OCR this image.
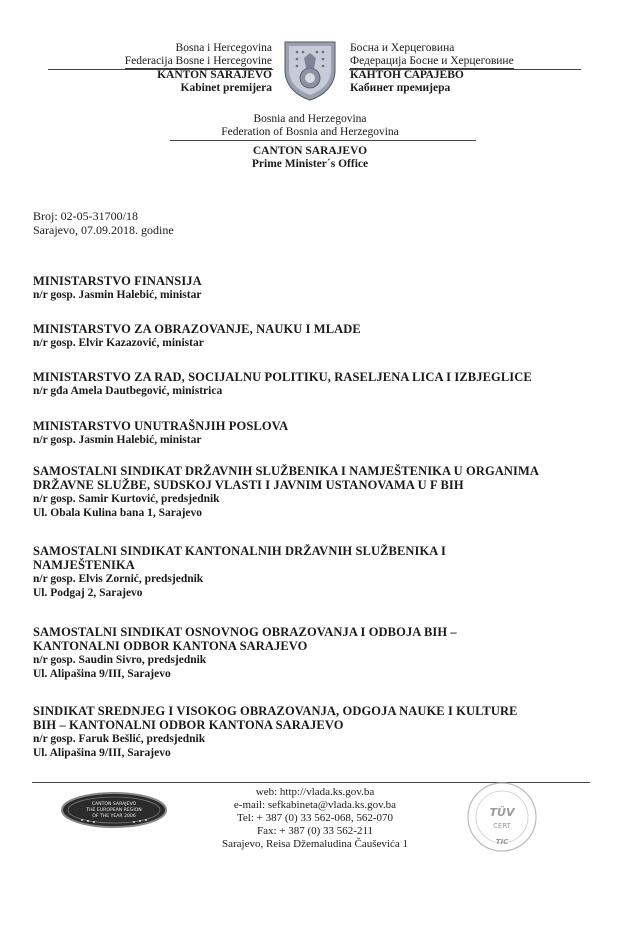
Bosna i Hercegovina
Federacija Bosne i Hercegovine
KANTON SARAJEVO
Kabinet premijera
Босна и Херцеговина
Федерација Босне и Херцеговине
КАНТОН САРАЈЕВО
Кабинет премијера
Bosnia and Herzegovina
Federation of Bosnia and Herzegovina
CANTON SARAJEVO
Prime Minister´s Office
Broj: 02-05-31700/18
Sarajevo, 07.09.2018. godine
MINISTARSTVO FINANSIJA
n/r gosp. Jasmin Halebić, ministar
MINISTARSTVO ZA OBRAZOVANJE, NAUKU I MLADE
n/r gosp. Elvir Kazazović, ministar
MINISTARSTVO ZA RAD, SOCIJALNU POLITIKU, RASELJENA LICA I IZBJEGLICE
n/r gđa Amela Dautbegović, ministrica
MINISTARSTVO UNUTRAŠNJIH POSLOVA
n/r gosp. Jasmin Halebić, ministar
SAMOSTALNI SINDIKAT DRŽAVNIH SLUŽBENIKA I NAMJEŠTENIKA U ORGANIMA
DRŽAVNE SLUŽBE, SUDSKOJ VLASTI I JAVNIM USTANOVAMA U F BIH
n/r gosp. Samir Kurtović, predsjednik
Ul. Obala Kulina bana 1, Sarajevo
SAMOSTALNI SINDIKAT KANTONALNIH DRŽAVNIH SLUŽBENIKA I
NAMJEŠTENIKA
n/r gosp. Elvis Zornić, predsjednik
Ul. Podgaj 2, Sarajevo
SAMOSTALNI SINDIKAT OSNOVNOG OBRAZOVANJA I ODBOJA BIH –
KANTONALNI ODBOR KANTONA SARAJEVO
n/r gosp. Saudin Sivro, predsjednik
Ul. Alipašina 9/III, Sarajevo
SINDIKAT SREDNJEG I VISOKOG OBRAZOVANJA, ODGOJA NAUKE I KULTURE
BIH – KANTONALNI ODBOR KANTONA SARAJEVO
n/r gosp. Faruk Bešlić, predsjednik
Ul. Alipašina 9/III, Sarajevo
CANTON SARAJEVO
THE EUROPEAN REGION
OF THE YEAR 2006
web: http://vlada.ks.gov.ba
e-mail: sefkabineta@vlada.ks.gov.ba
Tel: + 387 (0) 33 562-068, 562-070
Fax: + 387 (0) 33 562-211
Sarajevo, Reisa Džemaludina Čauševića 1
TÜV
CERT
TIC
